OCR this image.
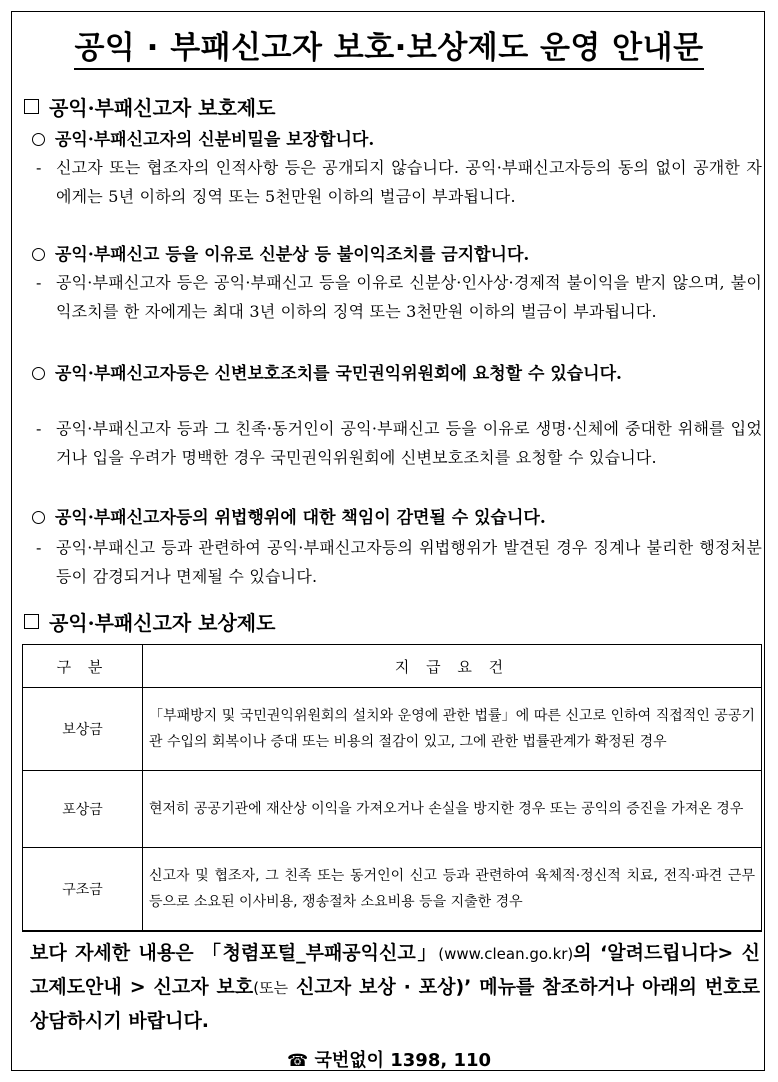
공익 · 부패신고자 보호·보상제도 운영 안내문
공익·부패신고자 보호제도
공익·부패신고자의 신분비밀을 보장합니다.
- 신고자 또는 협조자의 인적사항 등은 공개되지 않습니다. 공익·부패신고자등의 동의 없이 공개한 자에게는 5년 이하의 징역 또는 5천만원 이하의 벌금이 부과됩니다.
공익·부패신고 등을 이유로 신분상 등 불이익조치를 금지합니다.
- 공익·부패신고자 등은 공익·부패신고 등을 이유로 신분상·인사상·경제적 불이익을 받지 않으며, 불이익조치를 한 자에게는 최대 3년 이하의 징역 또는 3천만원 이하의 벌금이 부과됩니다.
공익·부패신고자등은 신변보호조치를 국민권익위원회에 요청할 수 있습니다.
- 공익·부패신고자 등과 그 친족·동거인이 공익·부패신고 등을 이유로 생명·신체에 중대한 위해를 입었거나 입을 우려가 명백한 경우 국민권익위원회에 신변보호조치를 요청할 수 있습니다.
공익·부패신고자등의 위법행위에 대한 책임이 감면될 수 있습니다.
- 공익·부패신고 등과 관련하여 공익·부패신고자등의 위법행위가 발견된 경우 징계나 불리한 행정처분 등이 감경되거나 면제될 수 있습니다.
공익·부패신고자 보상제도
구 분	지 급 요 건
보상금	「부패방지 및 국민권익위원회의 설치와 운영에 관한 법률」에 따른 신고로 인하여 직접적인 공공기관 수입의 회복이나 증대 또는 비용의 절감이 있고, 그에 관한 법률관계가 확정된 경우
포상금	현저히 공공기관에 재산상 이익을 가져오거나 손실을 방지한 경우 또는 공익의 증진을 가져온 경우
구조금	신고자 및 협조자, 그 친족 또는 동거인이 신고 등과 관련하여 육체적·정신적 치료, 전직·파견 근무 등으로 소요된 이사비용, 쟁송절차 소요비용 등을 지출한 경우
보다 자세한 내용은 「청렴포털_부패공익신고」(www.clean.go.kr)의 ‘알려드립니다> 신고제도안내 > 신고자 보호(또는 신고자 보상 · 포상)’ 메뉴를 참조하거나 아래의 번호로 상담하시기 바랍니다.
☎ 국번없이 1398, 110
